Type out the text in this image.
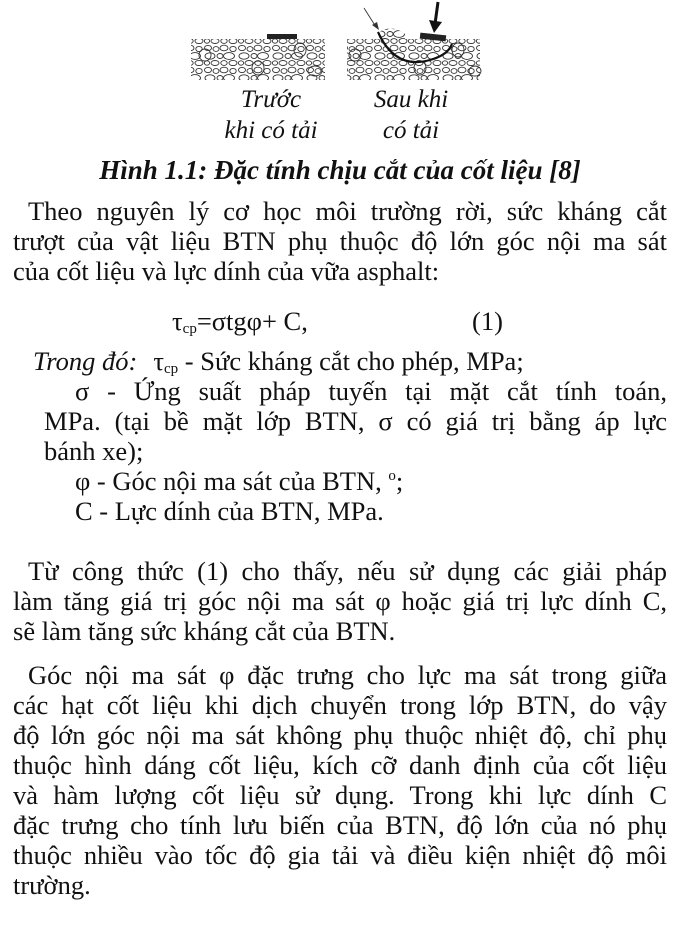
Trước
khi có tải
Sau khi
có tải
Hình 1.1: Đặc tính chịu cắt của cốt liệu [8]
Theo nguyên lý cơ học môi trường rời, sức kháng cắt
trượt của vật liệu BTN phụ thuộc độ lớn góc nội ma sát
của cốt liệu và lực dính của vữa asphalt:
$\tau_{cp}=\sigma tg\varphi+ C$,	(1)
Trong đó: $\tau_{cp}$ - Sức kháng cắt cho phép, MPa;
σ - Ứng suất pháp tuyến tại mặt cắt tính toán,
MPa. (tại bề mặt lớp BTN, σ có giá trị bằng áp lực
bánh xe);
φ - Góc nội ma sát của BTN, $^o$;
C - Lực dính của BTN, MPa.
Từ công thức (1) cho thấy, nếu sử dụng các giải pháp
làm tăng giá trị góc nội ma sát φ hoặc giá trị lực dính C,
sẽ làm tăng sức kháng cắt của BTN.
Góc nội ma sát φ đặc trưng cho lực ma sát trong giữa
các hạt cốt liệu khi dịch chuyển trong lớp BTN, do vậy
độ lớn góc nội ma sát không phụ thuộc nhiệt độ, chỉ phụ
thuộc hình dáng cốt liệu, kích cỡ danh định của cốt liệu
và hàm lượng cốt liệu sử dụng. Trong khi lực dính C
đặc trưng cho tính lưu biến của BTN, độ lớn của nó phụ
thuộc nhiều vào tốc độ gia tải và điều kiện nhiệt độ môi
trường.
